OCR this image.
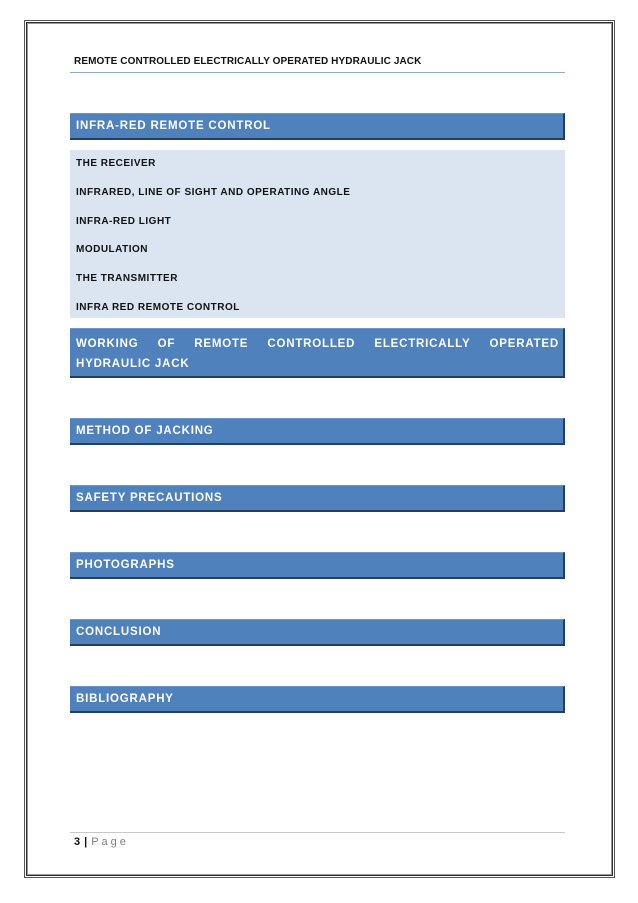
REMOTE CONTROLLED ELECTRICALLY OPERATED HYDRAULIC JACK
INFRA-RED REMOTE CONTROL
THE RECEIVER
INFRARED, LINE OF SIGHT AND OPERATING ANGLE
INFRA-RED LIGHT
MODULATION
THE TRANSMITTER
INFRA RED REMOTE CONTROL
WORKING OF REMOTE CONTROLLED ELECTRICALLY OPERATED
HYDRAULIC JACK
METHOD OF JACKING
SAFETY PRECAUTIONS
PHOTOGRAPHS
CONCLUSION
BIBLIOGRAPHY
3 | Page
